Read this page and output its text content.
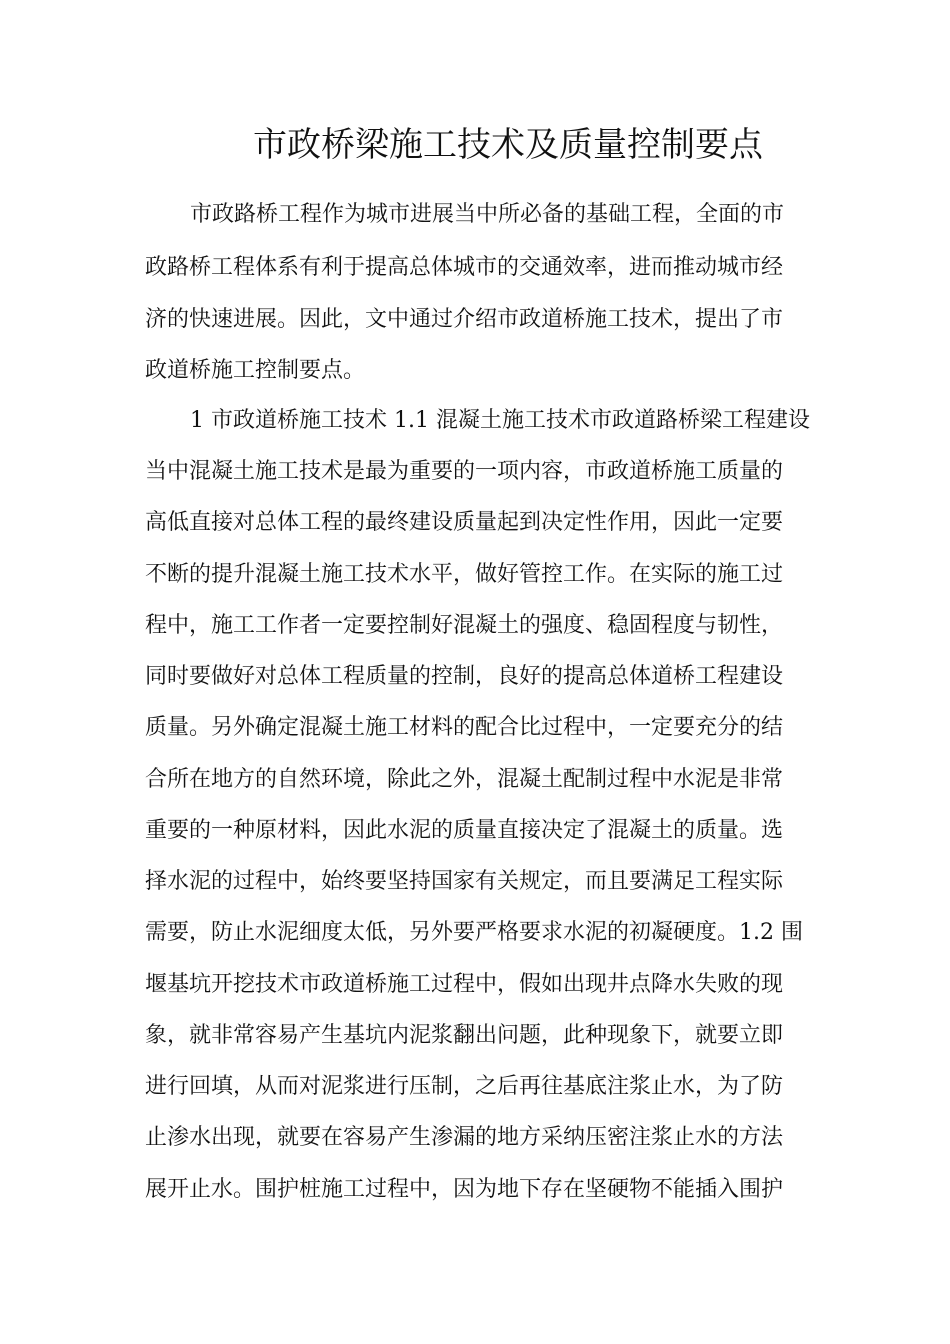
市政桥梁施工技术及质量控制要点
市政路桥工程作为城市进展当中所必备的基础工程，全面的市
政路桥工程体系有利于提高总体城市的交通效率，进而推动城市经
济的快速进展。因此，文中通过介绍市政道桥施工技术，提出了市
政道桥施工控制要点。
1 市政道桥施工技术 1.1 混凝土施工技术市政道路桥梁工程建设
当中混凝土施工技术是最为重要的一项内容，市政道桥施工质量的
高低直接对总体工程的最终建设质量起到决定性作用，因此一定要
不断的提升混凝土施工技术水平，做好管控工作。在实际的施工过
程中，施工工作者一定要控制好混凝土的强度、稳固程度与韧性，
同时要做好对总体工程质量的控制，良好的提高总体道桥工程建设
质量。另外确定混凝土施工材料的配合比过程中，一定要充分的结
合所在地方的自然环境，除此之外，混凝土配制过程中水泥是非常
重要的一种原材料，因此水泥的质量直接决定了混凝土的质量。选
择水泥的过程中，始终要坚持国家有关规定，而且要满足工程实际
需要，防止水泥细度太低，另外要严格要求水泥的初凝硬度。1.2 围
堰基坑开挖技术市政道桥施工过程中，假如出现井点降水失败的现
象，就非常容易产生基坑内泥浆翻出问题，此种现象下，就要立即
进行回填，从而对泥浆进行压制，之后再往基底注浆止水，为了防
止渗水出现，就要在容易产生渗漏的地方采纳压密注浆止水的方法
展开止水。围护桩施工过程中，因为地下存在坚硬物不能插入围护
